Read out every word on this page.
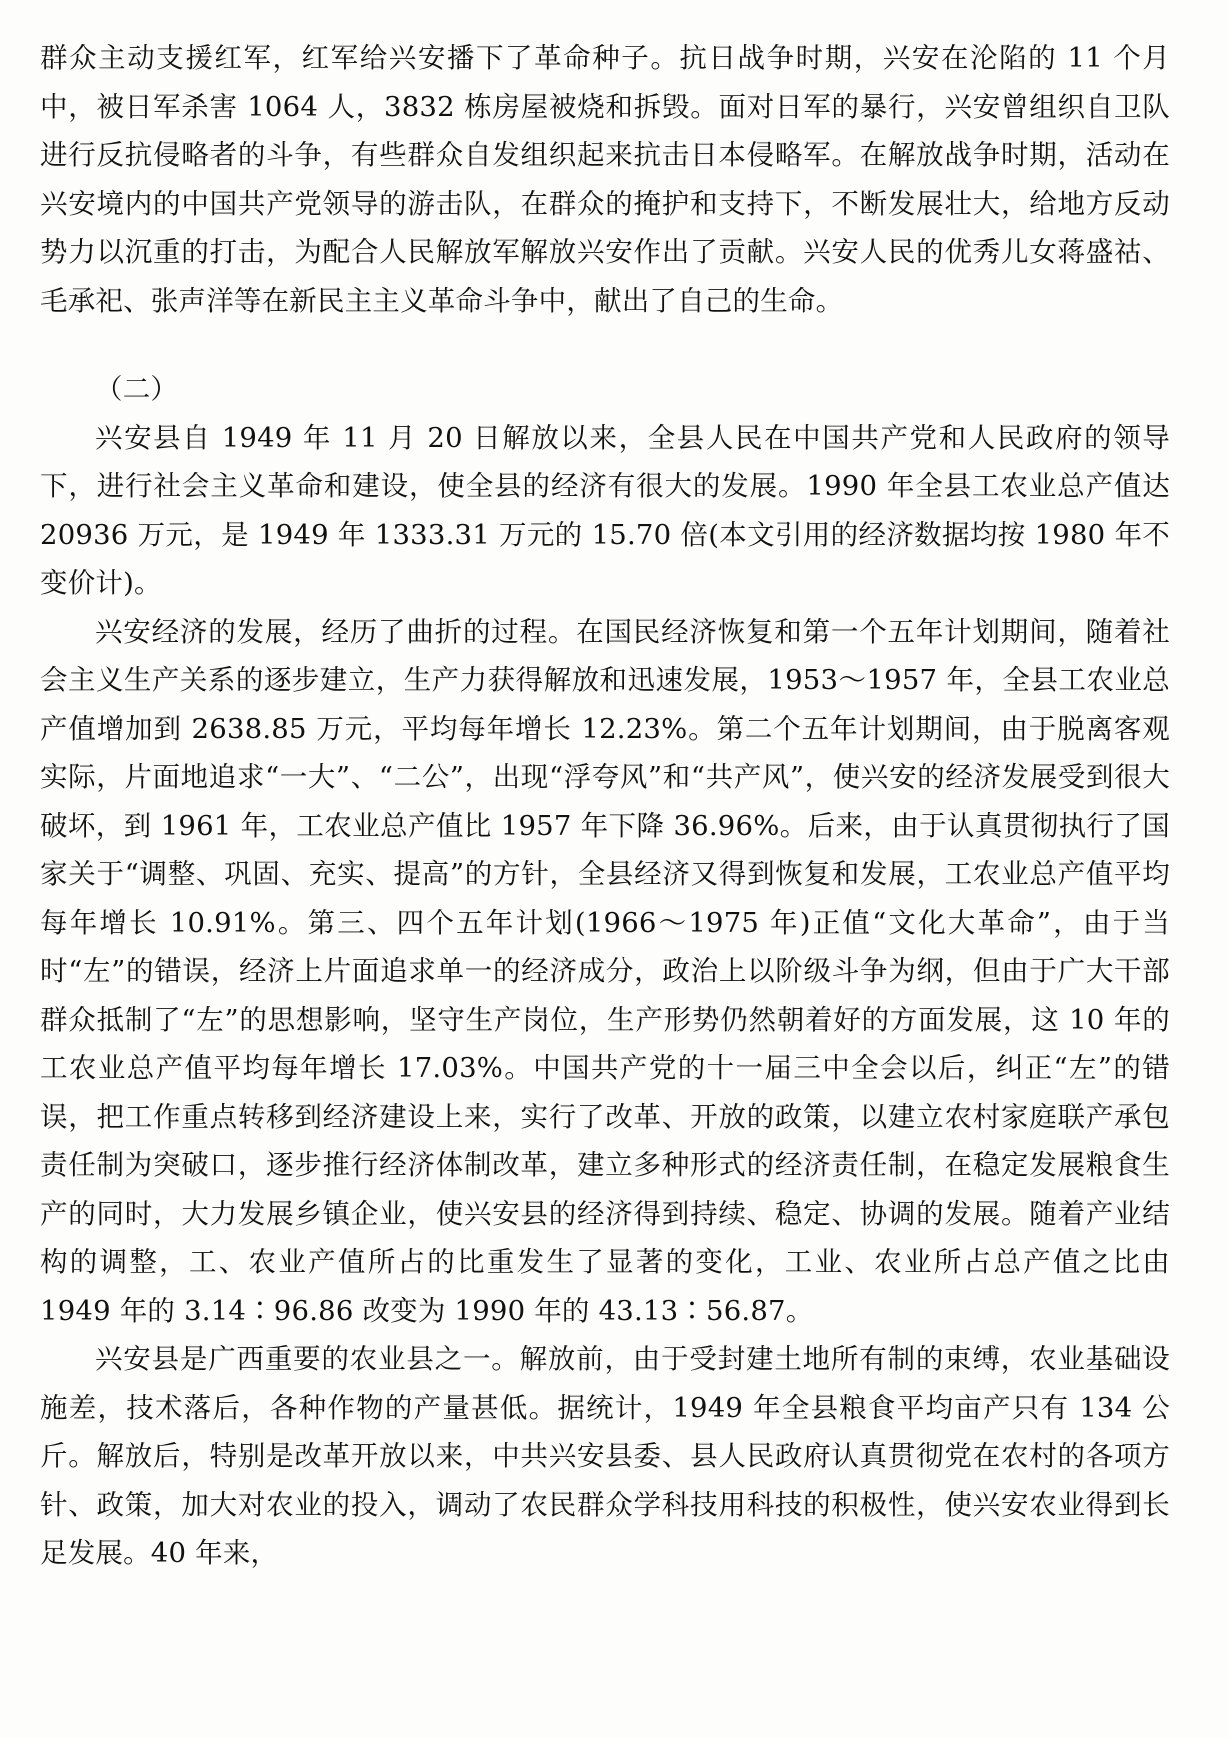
群众主动支援红军，红军给兴安播下了革命种子。抗日战争时期，兴安在沦陷的 11 个月中，被日军杀害 1064 人，3832 栋房屋被烧和拆毁。面对日军的暴行，兴安曾组织自卫队进行反抗侵略者的斗争，有些群众自发组织起来抗击日本侵略军。在解放战争时期，活动在兴安境内的中国共产党领导的游击队，在群众的掩护和支持下，不断发展壮大，给地方反动势力以沉重的打击，为配合人民解放军解放兴安作出了贡献。兴安人民的优秀儿女蒋盛祜、毛承祀、张声洋等在新民主主义革命斗争中，献出了自己的生命。

（二）

兴安县自 1949 年 11 月 20 日解放以来，全县人民在中国共产党和人民政府的领导下，进行社会主义革命和建设，使全县的经济有很大的发展。1990 年全县工农业总产值达 20936 万元，是 1949 年 1333.31 万元的 15.70 倍(本文引用的经济数据均按 1980 年不变价计)。

兴安经济的发展，经历了曲折的过程。在国民经济恢复和第一个五年计划期间，随着社会主义生产关系的逐步建立，生产力获得解放和迅速发展，1953～1957 年，全县工农业总产值增加到 2638.85 万元，平均每年增长 12.23%。第二个五年计划期间，由于脱离客观实际，片面地追求“一大”、“二公”，出现“浮夸风”和“共产风”，使兴安的经济发展受到很大破坏，到 1961 年，工农业总产值比 1957 年下降 36.96%。后来，由于认真贯彻执行了国家关于“调整、巩固、充实、提高”的方针，全县经济又得到恢复和发展，工农业总产值平均每年增长 10.91%。第三、四个五年计划(1966～1975 年)正值“文化大革命”，由于当时“左”的错误，经济上片面追求单一的经济成分，政治上以阶级斗争为纲，但由于广大干部群众抵制了“左”的思想影响，坚守生产岗位，生产形势仍然朝着好的方面发展，这 10 年的工农业总产值平均每年增长 17.03%。中国共产党的十一届三中全会以后，纠正“左”的错误，把工作重点转移到经济建设上来，实行了改革、开放的政策，以建立农村家庭联产承包责任制为突破口，逐步推行经济体制改革，建立多种形式的经济责任制，在稳定发展粮食生产的同时，大力发展乡镇企业，使兴安县的经济得到持续、稳定、协调的发展。随着产业结构的调整，工、农业产值所占的比重发生了显著的变化，工业、农业所占总产值之比由 1949 年的 3.14∶96.86 改变为 1990 年的 43.13∶56.87。

兴安县是广西重要的农业县之一。解放前，由于受封建土地所有制的束缚，农业基础设施差，技术落后，各种作物的产量甚低。据统计，1949 年全县粮食平均亩产只有 134 公斤。解放后，特别是改革开放以来，中共兴安县委、县人民政府认真贯彻党在农村的各项方针、政策，加大对农业的投入，调动了农民群众学科技用科技的积极性，使兴安农业得到长足发展。40 年来，
